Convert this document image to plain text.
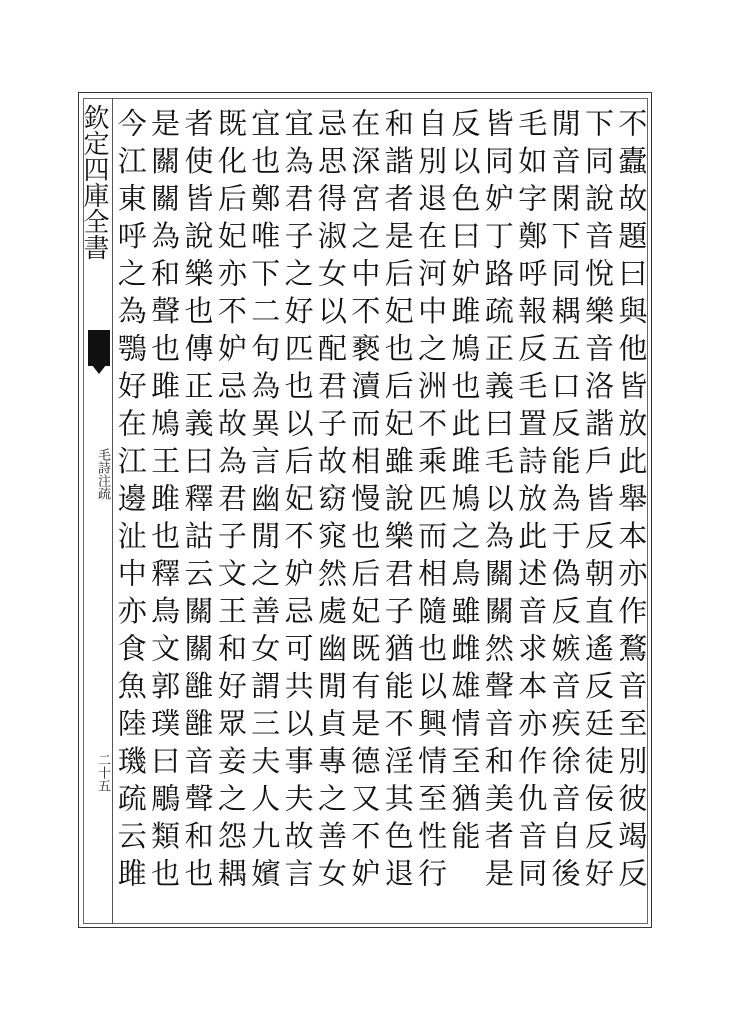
欽定四庫全書
毛詩注疏
二十五	不蠹故題曰與他皆放此舉本亦作鶩音至別彼竭反
下同說音悅樂音洛諧戶皆反朝直遙反廷徒佞反好
閒音閑下同耦五口反能為于偽反嫉音疾徐音自後
毛如字鄭呼報反毛置詩放此述音求本亦作仇音同
皆同妒丁路疏正義曰毛以為關關然聲音和美者是
反以色曰妒雎鳩也此雎鳩之鳥雖雌雄情至猶能
自別退在河中之洲不乘匹而相隨也以興情至性行
和諧者是后妃也后妃雖說樂君子猶能不淫其色退
在深宮之中不褻瀆而相慢也后妃既有是德又不妒
忌思得淑女以配君子故窈窕然處幽閒貞專之善女
宜為君子之好匹也以后妃不妒忌可共以事夫故言
宜也鄭唯下二句為異言幽閒之善女謂三夫人九嬪
既化后妃亦不妒忌故為君子文王和好眾妾之怨耦
者使皆說樂也傳正義曰釋詁云關關雝雝音聲和也
是關關為和聲也雎鳩王雎也釋鳥文郭璞曰鵰類也
今江東呼之為鶚好在江邊沚中亦食魚陸璣疏云雎
